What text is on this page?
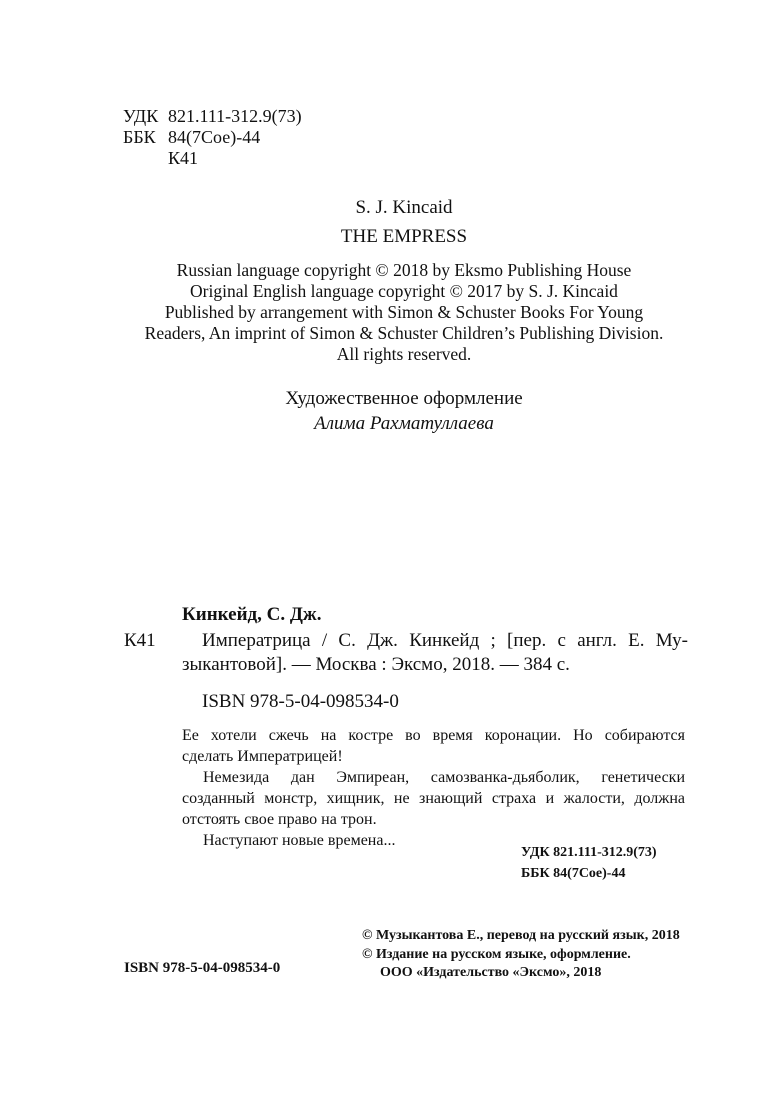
УДК 821.111-312.9(73)
ББК 84(7Сое)-44
К41
S. J. Kincaid
THE EMPRESS
Russian language copyright © 2018 by Eksmo Publishing House
Original English language copyright © 2017 by S. J. Kincaid
Published by arrangement with Simon & Schuster Books For Young
Readers, An imprint of Simon & Schuster Children’s Publishing Division.
All rights reserved.
Художественное оформление
Алима Рахматуллаева
Кинкейд, С. Дж.
К41 Императрица / С. Дж. Кинкейд ; [пер. с англ. Е. Му-
зыкантовой]. — Москва : Эксмо, 2018. — 384 с.
ISBN 978-5-04-098534-0
Ее хотели сжечь на костре во время коронации. Но собираются
сделать Императрицей!
Немезида дан Эмпиреан, самозванка-дьяболик, генетически
созданный монстр, хищник, не знающий страха и жалости, должна
отстоять свое право на трон.
Наступают новые времена...
УДК 821.111-312.9(73)
ББК 84(7Сое)-44
© Музыкантова Е., перевод на русский язык, 2018
© Издание на русском языке, оформление.
ООО «Издательство «Эксмо», 2018
ISBN 978-5-04-098534-0
